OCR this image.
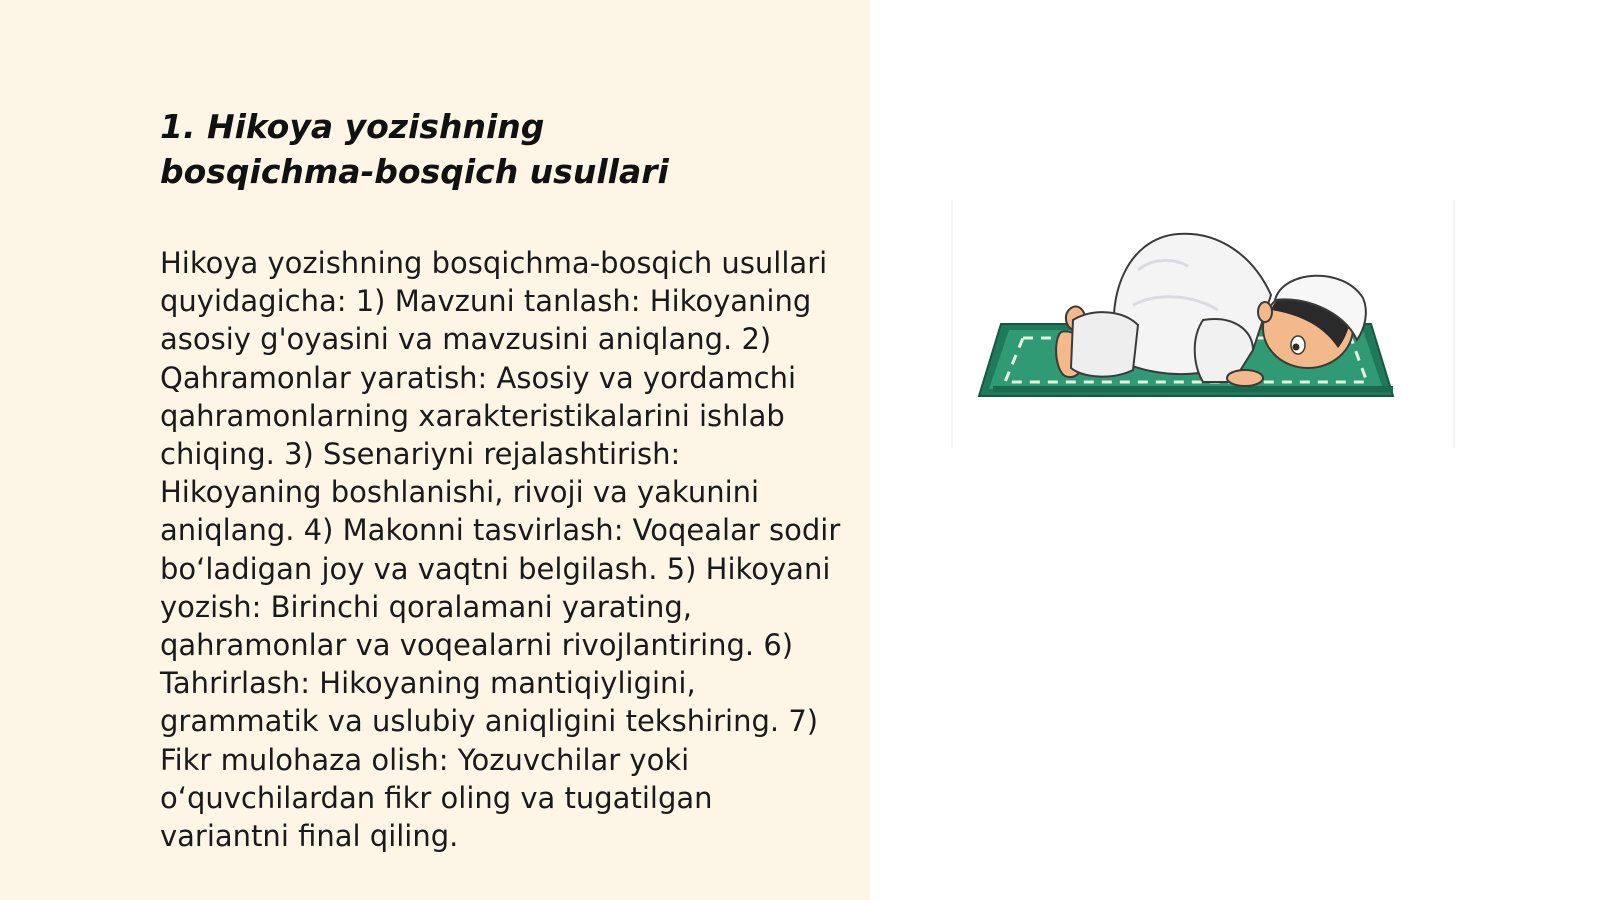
1. Hikoya yozishning bosqichma-bosqich usullari

Hikoya yozishning bosqichma-bosqich usullari quyidagicha: 1) Mavzuni tanlash: Hikoyaning asosiy g'oyasini va mavzusini aniqlang. 2) Qahramonlar yaratish: Asosiy va yordamchi qahramonlarning xarakteristikalarini ishlab chiqing. 3) Ssenariyni rejalashtirish: Hikoyaning boshlanishi, rivoji va yakunini aniqlang. 4) Makonni tasvirlash: Voqealar sodir boʻladigan joy va vaqtni belgilash. 5) Hikoyani yozish: Birinchi qoralamani yarating, qahramonlar va voqealarni rivojlantiring. 6) Tahrirlash: Hikoyaning mantiqiyligini, grammatik va uslubiy aniqligini tekshiring. 7) Fikr mulohaza olish: Yozuvchilar yoki oʻquvchilardan fikr oling va tugatilgan variantni final qiling.
